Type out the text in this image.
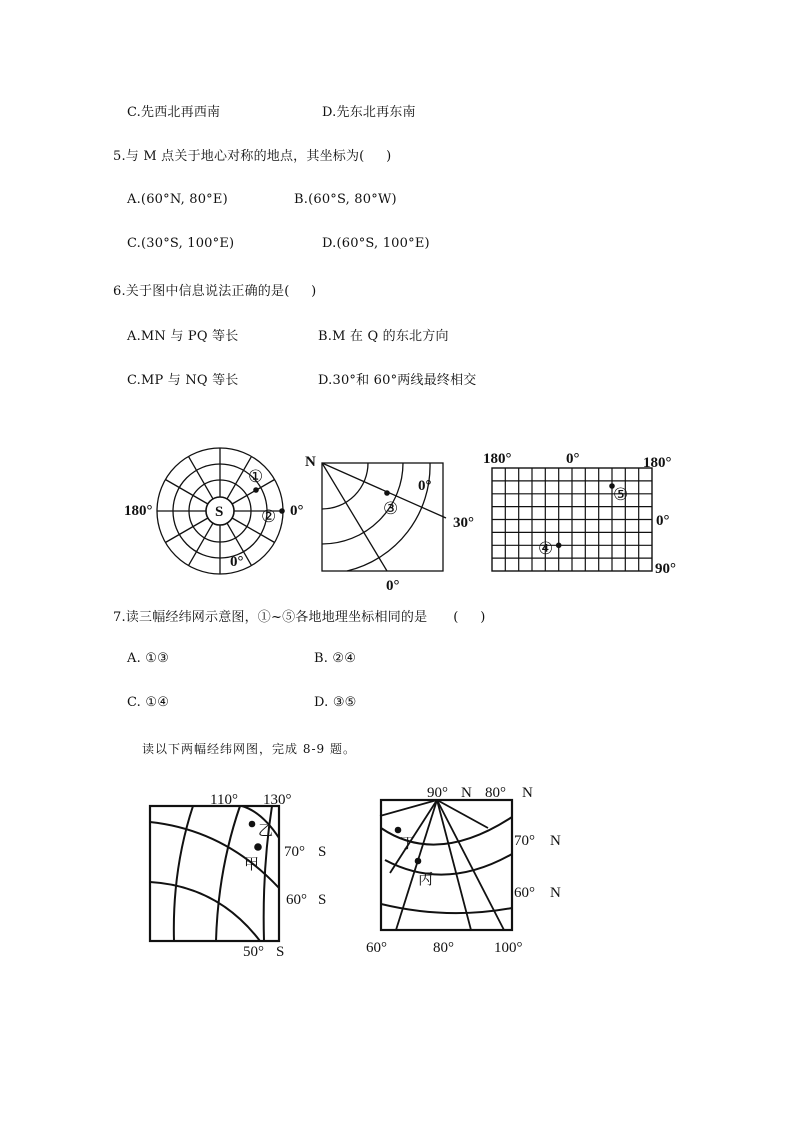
C.先西北再西南	D.先东北再东南
5.与 M 点关于地心对称的地点，其坐标为(     )
A.(60°N, 80°E)	B.(60°S, 80°W)
C.(30°S, 100°E)	D.(60°S, 100°E)
6.关于图中信息说法正确的是(     )
A.MN 与 PQ 等长	B.M 在 Q 的东北方向
C.MP 与 NQ 等长	D.30°和 60°两线最终相交
180°	0°
S
0°
①
②
N
0°
30°
0°
③
180°	0°	180°
0°
90°
⑤
④
7.读三幅经纬网示意图，①~⑤各地地理坐标相同的是      (     )
A. ①③	B. ②④
C. ①④	D. ③⑤
读以下两幅经纬网图，完成 8-9 题。
110° 130°
70° S
60° S
50° S
乙
甲
90° N 80° N
70° N
60° N
60°	80°	100°
丁
丙
